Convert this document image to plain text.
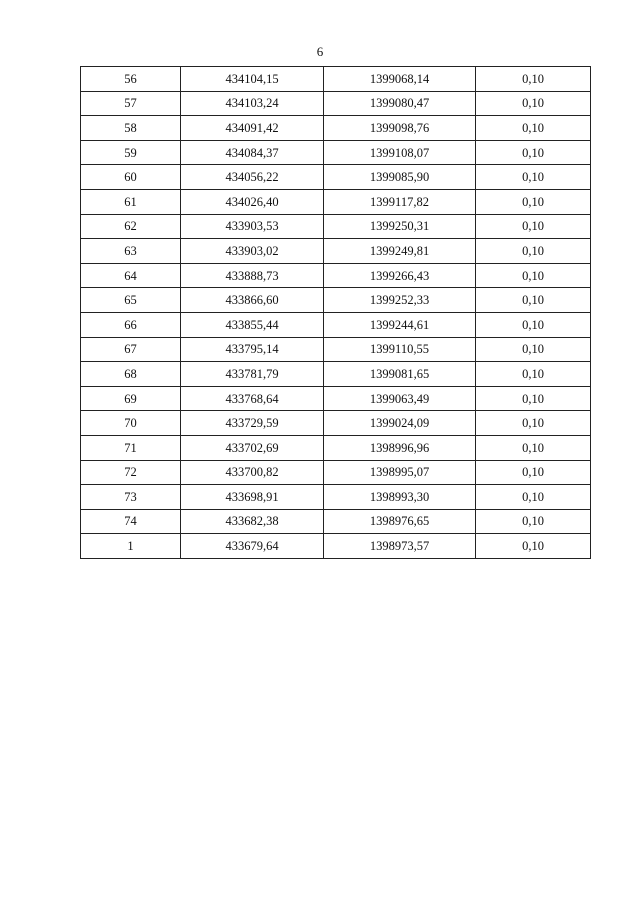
6
56	434104,15	1399068,14	0,10
57	434103,24	1399080,47	0,10
58	434091,42	1399098,76	0,10
59	434084,37	1399108,07	0,10
60	434056,22	1399085,90	0,10
61	434026,40	1399117,82	0,10
62	433903,53	1399250,31	0,10
63	433903,02	1399249,81	0,10
64	433888,73	1399266,43	0,10
65	433866,60	1399252,33	0,10
66	433855,44	1399244,61	0,10
67	433795,14	1399110,55	0,10
68	433781,79	1399081,65	0,10
69	433768,64	1399063,49	0,10
70	433729,59	1399024,09	0,10
71	433702,69	1398996,96	0,10
72	433700,82	1398995,07	0,10
73	433698,91	1398993,30	0,10
74	433682,38	1398976,65	0,10
1	433679,64	1398973,57	0,10
